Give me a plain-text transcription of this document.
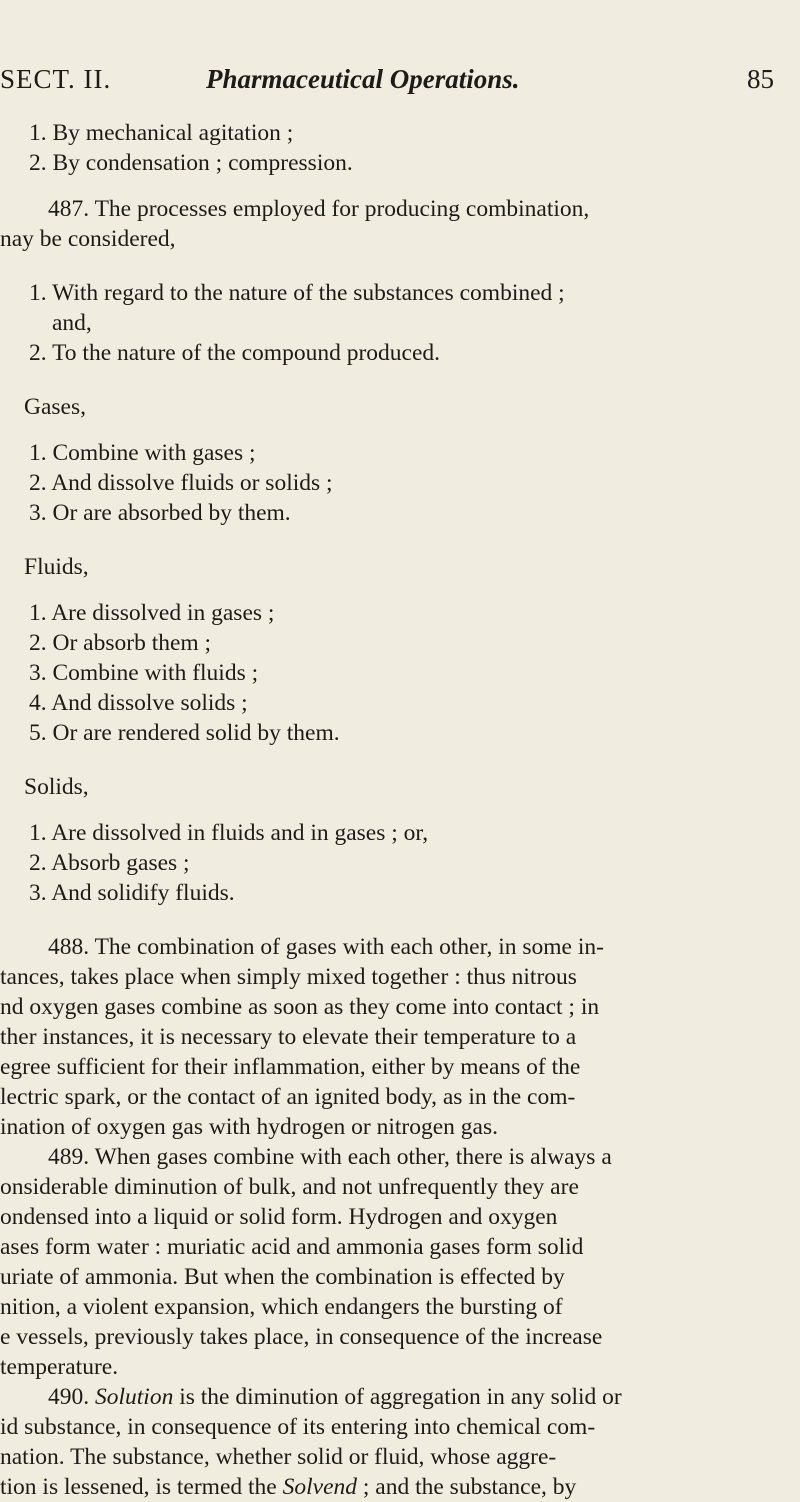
SECT. II.	Pharmaceutical Operations.	85
1. By mechanical agitation ;
2. By condensation ; compression.
487. The processes employed for producing combination,
nay be considered,
1. With regard to the nature of the substances combined ;
and,
2. To the nature of the compound produced.
Gases,
1. Combine with gases ;
2. And dissolve fluids or solids ;
3. Or are absorbed by them.
Fluids,
1. Are dissolved in gases ;
2. Or absorb them ;
3. Combine with fluids ;
4. And dissolve solids ;
5. Or are rendered solid by them.
Solids,
1. Are dissolved in fluids and in gases ; or,
2. Absorb gases ;
3. And solidify fluids.
488. The combination of gases with each other, in some in-
tances, takes place when simply mixed together : thus nitrous
nd oxygen gases combine as soon as they come into contact ; in
ther instances, it is necessary to elevate their temperature to a
egree sufficient for their inflammation, either by means of the
lectric spark, or the contact of an ignited body, as in the com-
ination of oxygen gas with hydrogen or nitrogen gas.
489. When gases combine with each other, there is always a
onsiderable diminution of bulk, and not unfrequently they are
ondensed into a liquid or solid form. Hydrogen and oxygen
ases form water : muriatic acid and ammonia gases form solid
uriate of ammonia. But when the combination is effected by
nition, a violent expansion, which endangers the bursting of
e vessels, previously takes place, in consequence of the increase
temperature.
490. Solution is the diminution of aggregation in any solid or
id substance, in consequence of its entering into chemical com-
nation. The substance, whether solid or fluid, whose aggre-
tion is lessened, is termed the Solvend ; and the substance, by
